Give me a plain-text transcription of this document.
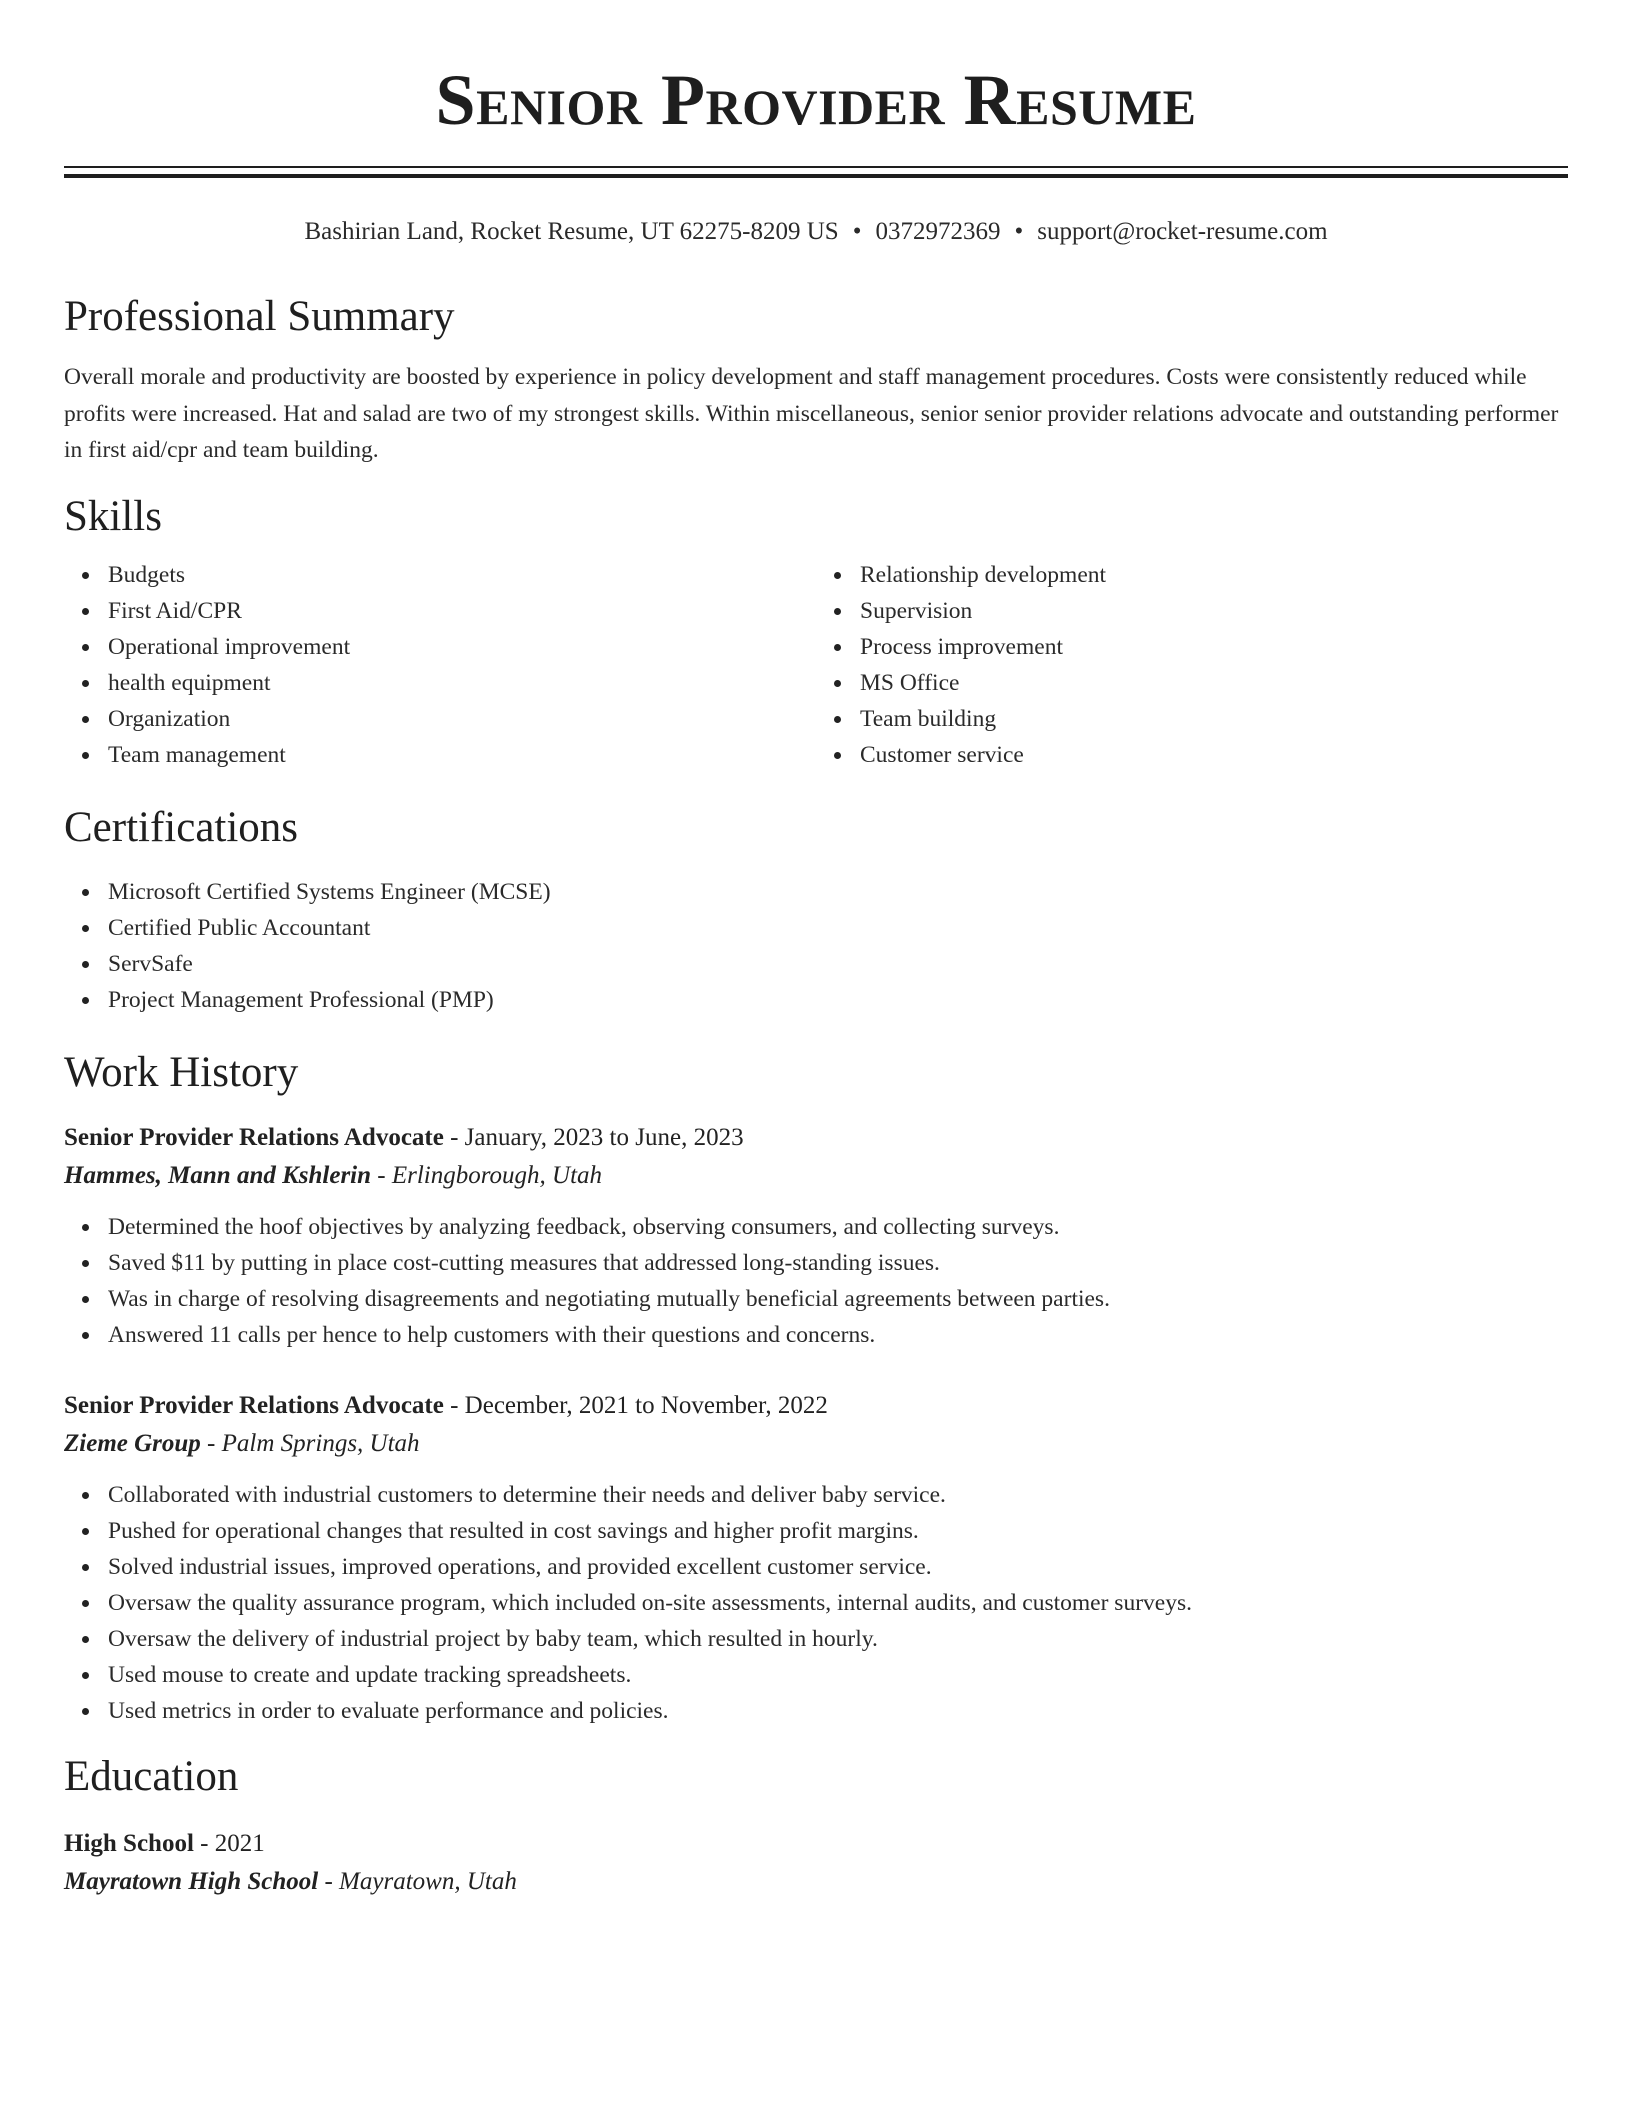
Senior Provider Resume
Bashirian Land, Rocket Resume, UT 62275-8209 US • 0372972369 • support@rocket-resume.com
Professional Summary

Overall morale and productivity are boosted by experience in policy development and staff management procedures. Costs were consistently reduced while profits were increased. Hat and salad are two of my strongest skills. Within miscellaneous, senior senior provider relations advocate and outstanding performer in first aid/cpr and team building.

Skills
Budgets
First Aid/CPR
Operational improvement
health equipment
Organization
Team management
Relationship development
Supervision
Process improvement
MS Office
Team building
Customer service
Certifications
Microsoft Certified Systems Engineer (MCSE)
Certified Public Accountant
ServSafe
Project Management Professional (PMP)
Work History
Senior Provider Relations Advocate - January, 2023 to June, 2023
Hammes, Mann and Kshlerin - Erlingborough, Utah
Determined the hoof objectives by analyzing feedback, observing consumers, and collecting surveys.
Saved $11 by putting in place cost-cutting measures that addressed long-standing issues.
Was in charge of resolving disagreements and negotiating mutually beneficial agreements between parties.
Answered 11 calls per hence to help customers with their questions and concerns.
Senior Provider Relations Advocate - December, 2021 to November, 2022
Zieme Group - Palm Springs, Utah
Collaborated with industrial customers to determine their needs and deliver baby service.
Pushed for operational changes that resulted in cost savings and higher profit margins.
Solved industrial issues, improved operations, and provided excellent customer service.
Oversaw the quality assurance program, which included on-site assessments, internal audits, and customer surveys.
Oversaw the delivery of industrial project by baby team, which resulted in hourly.
Used mouse to create and update tracking spreadsheets.
Used metrics in order to evaluate performance and policies.
Education
High School - 2021
Mayratown High School - Mayratown, Utah
